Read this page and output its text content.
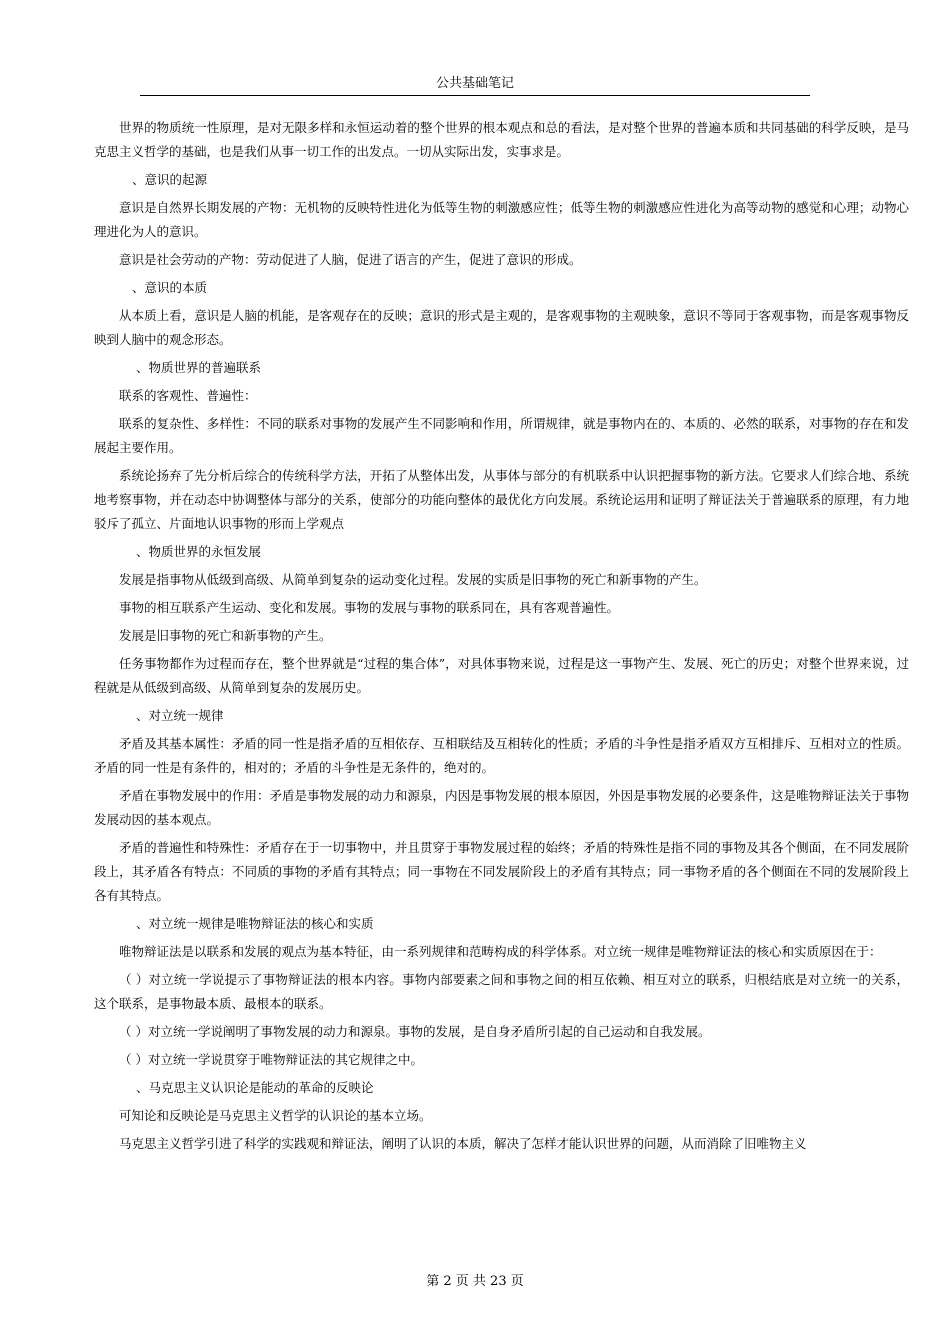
公共基础笔记

世界的物质统一性原理，是对无限多样和永恒运动着的整个世界的根本观点和总的看法，是对整个世界的普遍本质和共同基础的科学反映，是马克思主义哲学的基础，也是我们从事一切工作的出发点。一切从实际出发，实事求是。

、意识的起源

意识是自然界长期发展的产物：无机物的反映特性进化为低等生物的刺激感应性；低等生物的刺激感应性进化为高等动物的感觉和心理；动物心理进化为人的意识。

意识是社会劳动的产物：劳动促进了人脑，促进了语言的产生，促进了意识的形成。

、意识的本质

从本质上看，意识是人脑的机能，是客观存在的反映；意识的形式是主观的，是客观事物的主观映象，意识不等同于客观事物，而是客观事物反映到人脑中的观念形态。

、物质世界的普遍联系

联系的客观性、普遍性：

联系的复杂性、多样性：不同的联系对事物的发展产生不同影响和作用，所谓规律，就是事物内在的、本质的、必然的联系，对事物的存在和发展起主要作用。

系统论扬弃了先分析后综合的传统科学方法，开拓了从整体出发，从事体与部分的有机联系中认识把握事物的新方法。它要求人们综合地、系统地考察事物，并在动态中协调整体与部分的关系，使部分的功能向整体的最优化方向发展。系统论运用和证明了辩证法关于普遍联系的原理，有力地驳斥了孤立、片面地认识事物的形而上学观点

、物质世界的永恒发展

发展是指事物从低级到高级、从简单到复杂的运动变化过程。发展的实质是旧事物的死亡和新事物的产生。

事物的相互联系产生运动、变化和发展。事物的发展与事物的联系同在，具有客观普遍性。

发展是旧事物的死亡和新事物的产生。

任务事物都作为过程而存在，整个世界就是“过程的集合体”，对具体事物来说，过程是这一事物产生、发展、死亡的历史；对整个世界来说，过程就是从低级到高级、从简单到复杂的发展历史。

、对立统一规律

矛盾及其基本属性：矛盾的同一性是指矛盾的互相依存、互相联结及互相转化的性质；矛盾的斗争性是指矛盾双方互相排斥、互相对立的性质。矛盾的同一性是有条件的，相对的；矛盾的斗争性是无条件的，绝对的。

矛盾在事物发展中的作用：矛盾是事物发展的动力和源泉，内因是事物发展的根本原因，外因是事物发展的必要条件，这是唯物辩证法关于事物发展动因的基本观点。

矛盾的普遍性和特殊性：矛盾存在于一切事物中，并且贯穿于事物发展过程的始终；矛盾的特殊性是指不同的事物及其各个侧面，在不同发展阶段上，其矛盾各有特点：不同质的事物的矛盾有其特点；同一事物在不同发展阶段上的矛盾有其特点；同一事物矛盾的各个侧面在不同的发展阶段上各有其特点。

、对立统一规律是唯物辩证法的核心和实质

唯物辩证法是以联系和发展的观点为基本特征，由一系列规律和范畴构成的科学体系。对立统一规律是唯物辩证法的核心和实质原因在于：

（ ）对立统一学说提示了事物辩证法的根本内容。事物内部要素之间和事物之间的相互依赖、相互对立的联系，归根结底是对立统一的关系，这个联系，是事物最本质、最根本的联系。

（ ）对立统一学说阐明了事物发展的动力和源泉。事物的发展，是自身矛盾所引起的自己运动和自我发展。

（ ）对立统一学说贯穿于唯物辩证法的其它规律之中。

、马克思主义认识论是能动的革命的反映论

可知论和反映论是马克思主义哲学的认识论的基本立场。

马克思主义哲学引进了科学的实践观和辩证法，阐明了认识的本质，解决了怎样才能认识世界的问题，从而消除了旧唯物主义

第 2 页 共 23 页
